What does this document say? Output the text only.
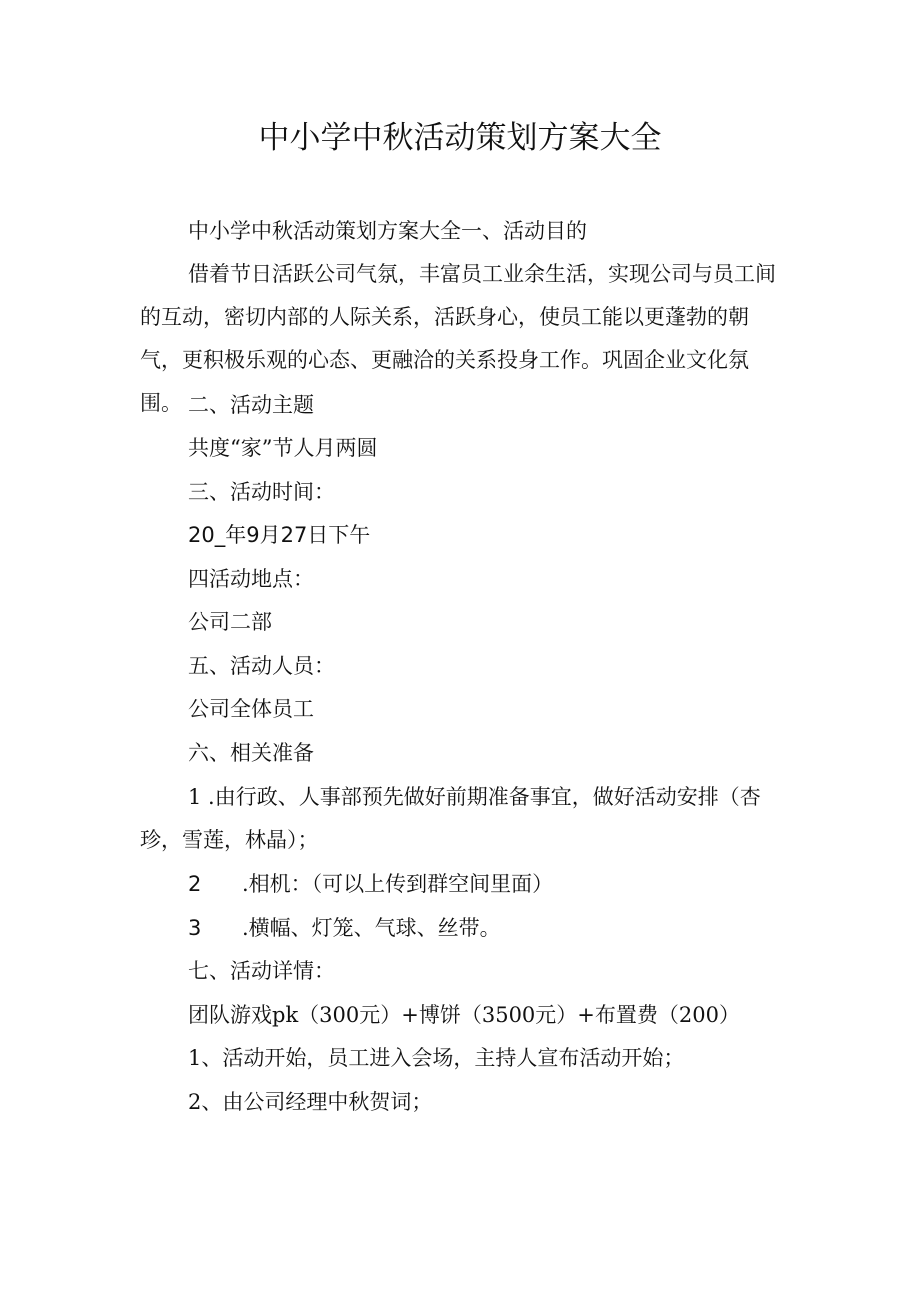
中小学中秋活动策划方案大全

中小学中秋活动策划方案大全一、活动目的

借着节日活跃公司气氛，丰富员工业余生活，实现公司与员工间的互动，密切内部的人际关系，活跃身心，使员工能以更蓬勃的朝气，更积极乐观的心态、更融洽的关系投身工作。巩固企业文化氛围。 二、活动主题

共度“家”节人月两圆

三、活动时间：

20_年9月27日下午

四活动地点：

公司二部

五、活动人员：

公司全体员工

六、相关准备

1 .由行政、人事部预先做好前期准备事宜，做好活动安排（杏珍，雪莲，林晶）；

2 .相机：（可以上传到群空间里面）

3 .横幅、灯笼、气球、丝带。

七、活动详情：

团队游戏pk（300元）+博饼（3500元）+布置费（200）

1、活动开始，员工进入会场，主持人宣布活动开始；

2、由公司经理中秋贺词；
